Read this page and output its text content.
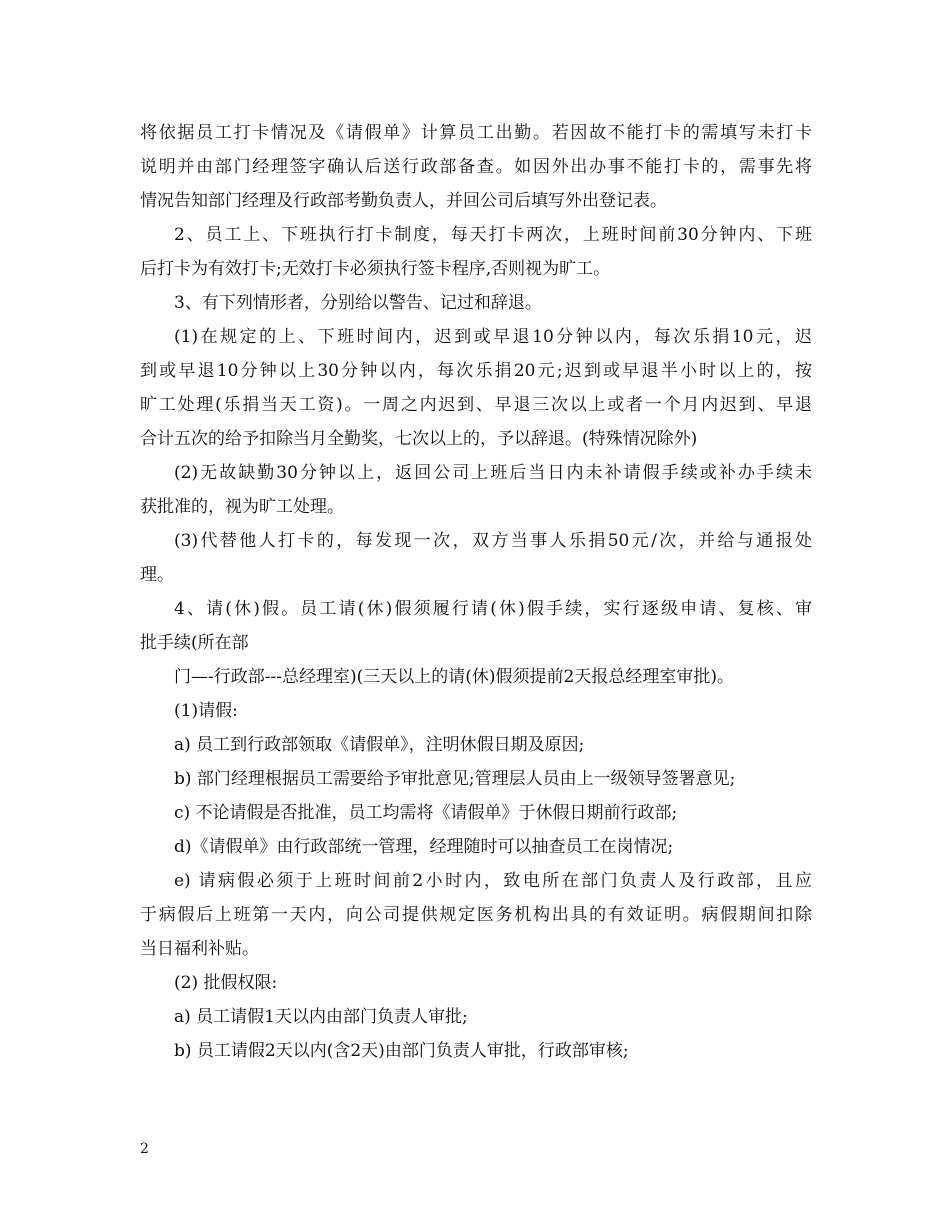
将依据员工打卡情况及《请假单》计算员工出勤。若因故不能打卡的需填写未打卡
说明并由部门经理签字确认后送行政部备查。如因外出办事不能打卡的，需事先将
情况告知部门经理及行政部考勤负责人，并回公司后填写外出登记表。
2、员工上、下班执行打卡制度，每天打卡两次，上班时间前30分钟内、下班
后打卡为有效打卡;无效打卡必须执行签卡程序,否则视为旷工。
3、有下列情形者，分别给以警告、记过和辞退。
(1)在规定的上、下班时间内，迟到或早退10分钟以内，每次乐捐10元，迟
到或早退10分钟以上30分钟以内，每次乐捐20元;迟到或早退半小时以上的，按
旷工处理(乐捐当天工资)。一周之内迟到、早退三次以上或者一个月内迟到、早退
合计五次的给予扣除当月全勤奖，七次以上的，予以辞退。(特殊情况除外)
(2)无故缺勤30分钟以上，返回公司上班后当日内未补请假手续或补办手续未
获批准的，视为旷工处理。
(3)代替他人打卡的，每发现一次，双方当事人乐捐50元/次，并给与通报处
理。
4、请(休)假。员工请(休)假须履行请(休)假手续，实行逐级申请、复核、审
批手续(所在部
门—-行政部---总经理室)(三天以上的请(休)假须提前2天报总经理室审批)。
(1)请假:
a) 员工到行政部领取《请假单》，注明休假日期及原因;
b) 部门经理根据员工需要给予审批意见;管理层人员由上一级领导签署意见;
c) 不论请假是否批准，员工均需将《请假单》于休假日期前行政部;
d)《请假单》由行政部统一管理，经理随时可以抽查员工在岗情况;
e) 请病假必须于上班时间前2小时内，致电所在部门负责人及行政部，且应
于病假后上班第一天内，向公司提供规定医务机构出具的有效证明。病假期间扣除
当日福利补贴。
(2) 批假权限:
a) 员工请假1天以内由部门负责人审批;
b) 员工请假2天以内(含2天)由部门负责人审批，行政部审核;
2
